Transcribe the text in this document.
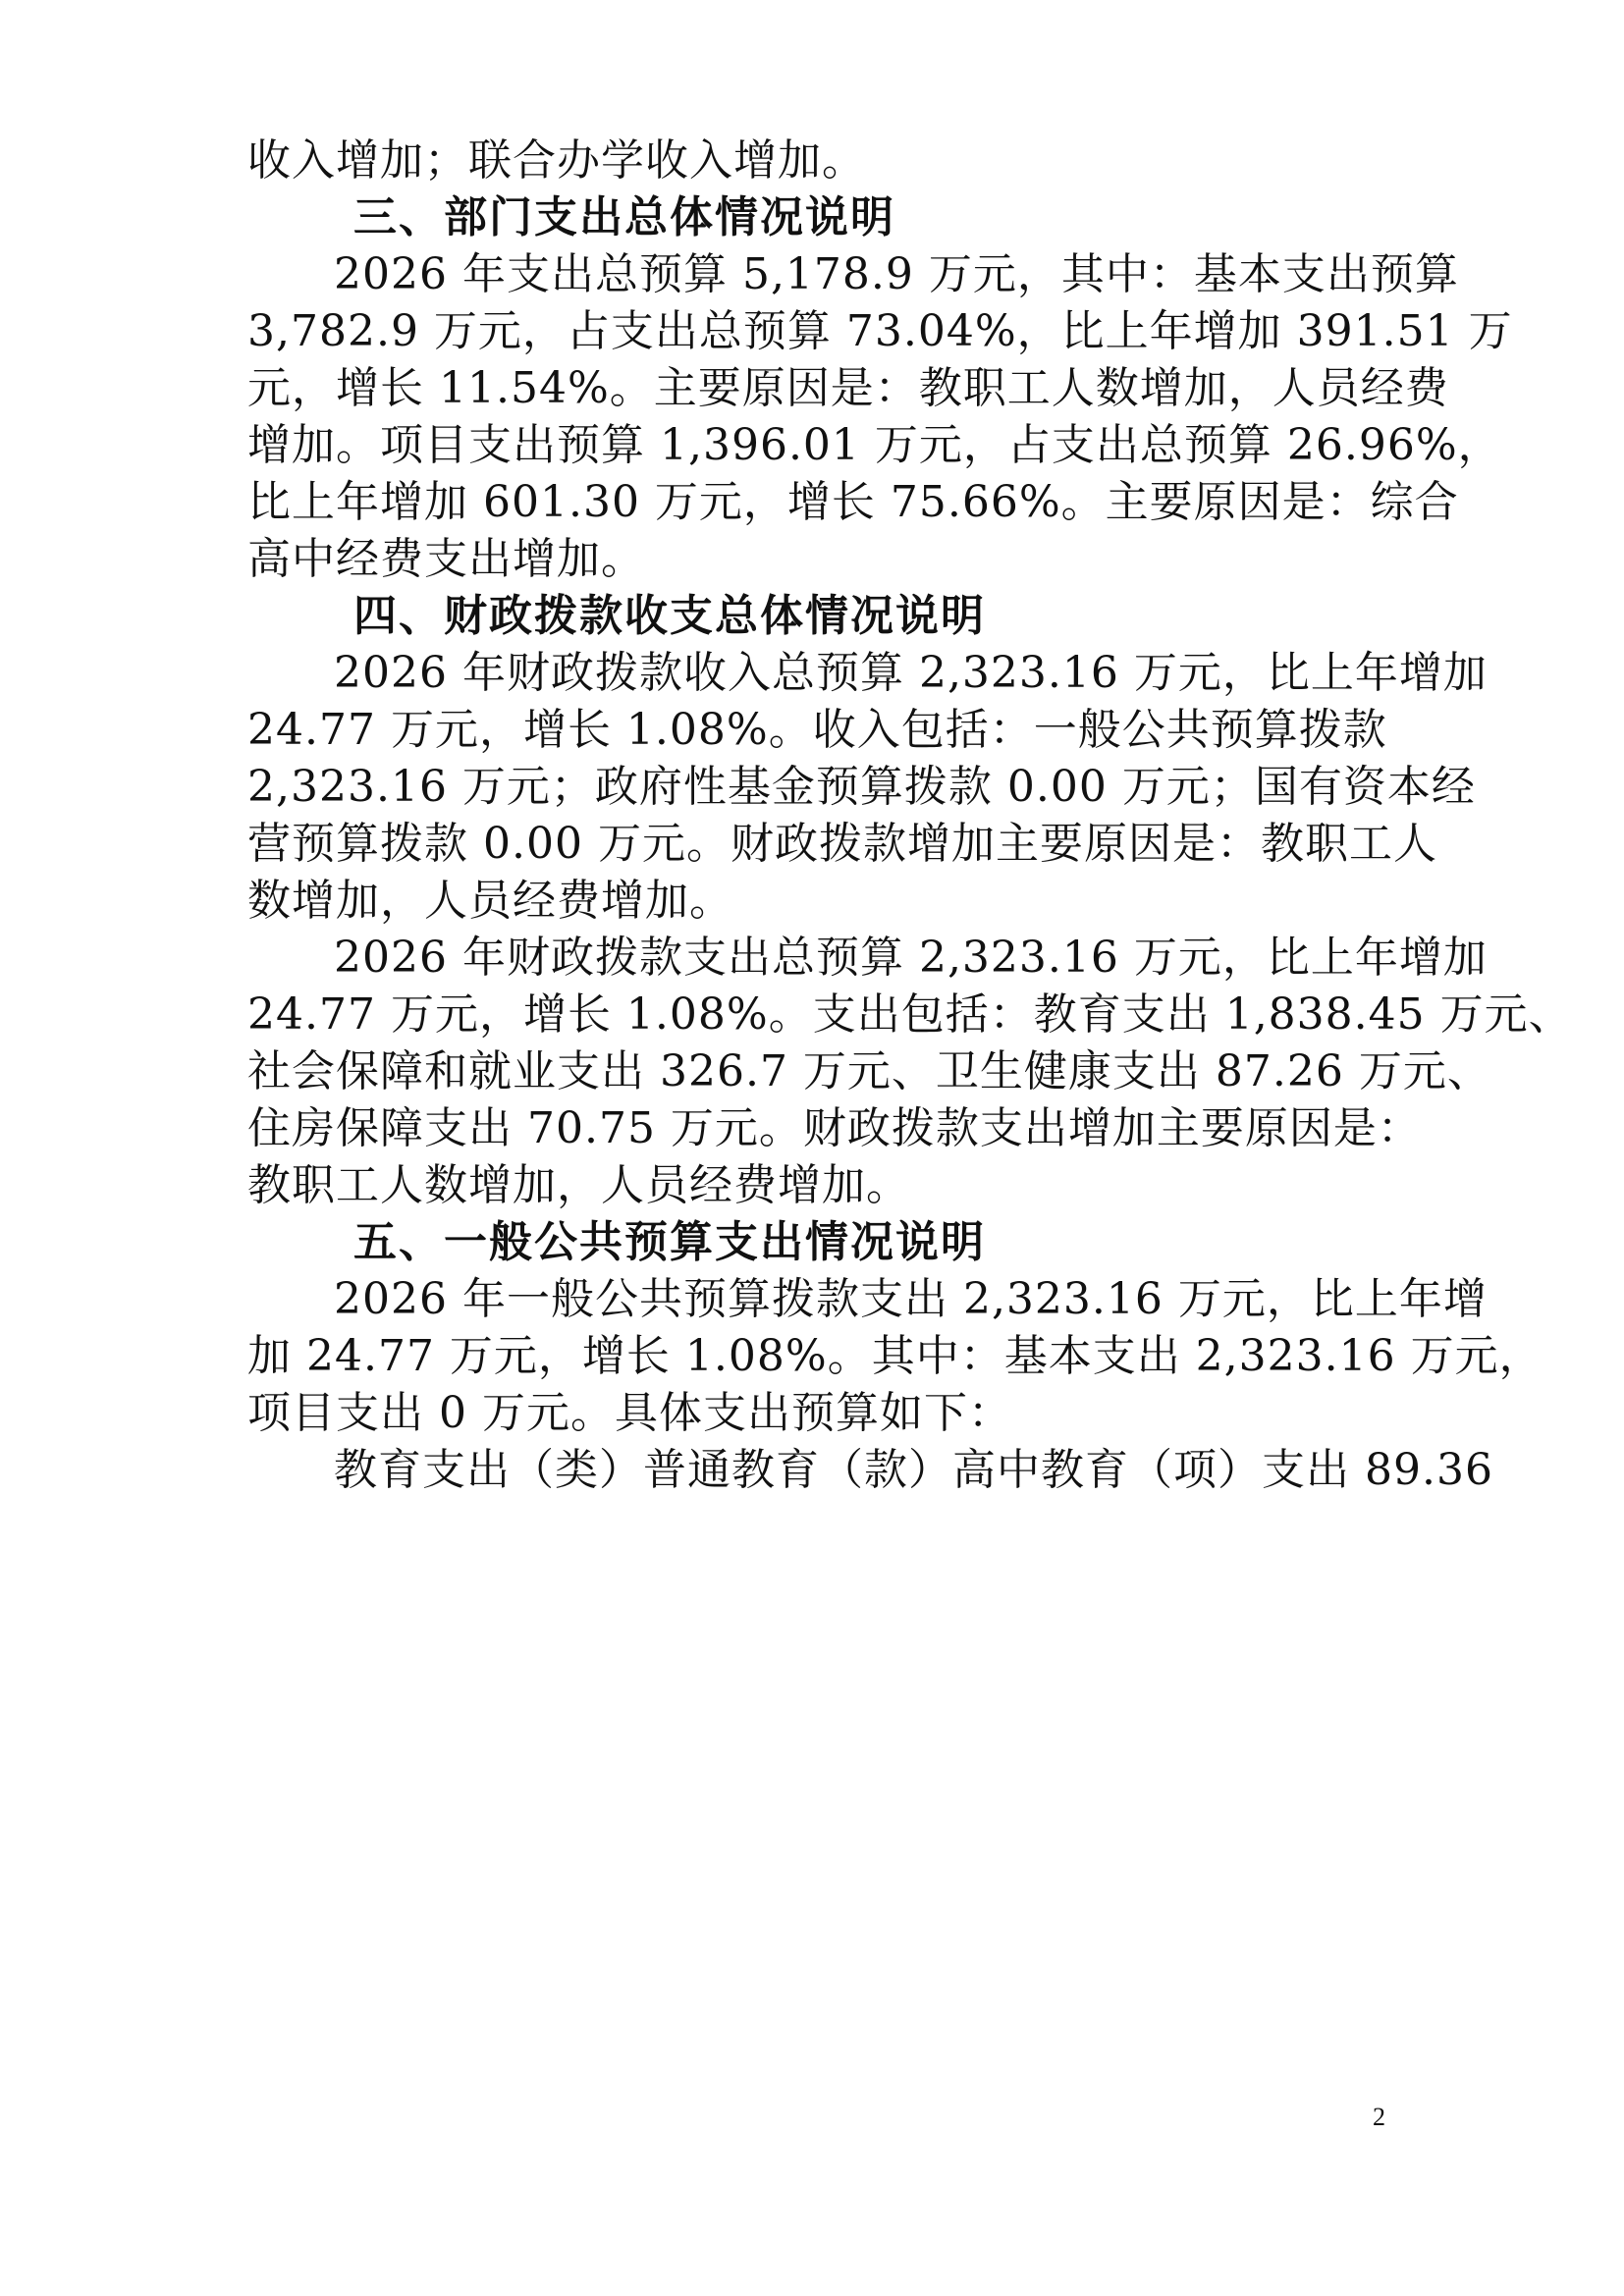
收入增加；联合办学收入增加。
三、部门支出总体情况说明
2026 年支出总预算 5,178.9 万元，其中：基本支出预算
3,782.9 万元，占支出总预算 73.04%，比上年增加 391.51 万
元，增长 11.54%。主要原因是：教职工人数增加，人员经费
增加。项目支出预算 1,396.01 万元，占支出总预算 26.96%，
比上年增加 601.30 万元，增长 75.66%。主要原因是：综合
高中经费支出增加。
四、财政拨款收支总体情况说明
2026 年财政拨款收入总预算 2,323.16 万元，比上年增加
24.77 万元，增长 1.08%。收入包括：一般公共预算拨款
2,323.16 万元；政府性基金预算拨款 0.00 万元；国有资本经
营预算拨款 0.00 万元。财政拨款增加主要原因是：教职工人
数增加，人员经费增加。
2026 年财政拨款支出总预算 2,323.16 万元，比上年增加
24.77 万元，增长 1.08%。支出包括：教育支出 1,838.45 万元、
社会保障和就业支出 326.7 万元、卫生健康支出 87.26 万元、
住房保障支出 70.75 万元。财政拨款支出增加主要原因是：
教职工人数增加，人员经费增加。
五、一般公共预算支出情况说明
2026 年一般公共预算拨款支出 2,323.16 万元，比上年增
加 24.77 万元，增长 1.08%。其中：基本支出 2,323.16 万元，
项目支出 0 万元。具体支出预算如下：
教育支出（类）普通教育（款）高中教育（项）支出 89.36
2
